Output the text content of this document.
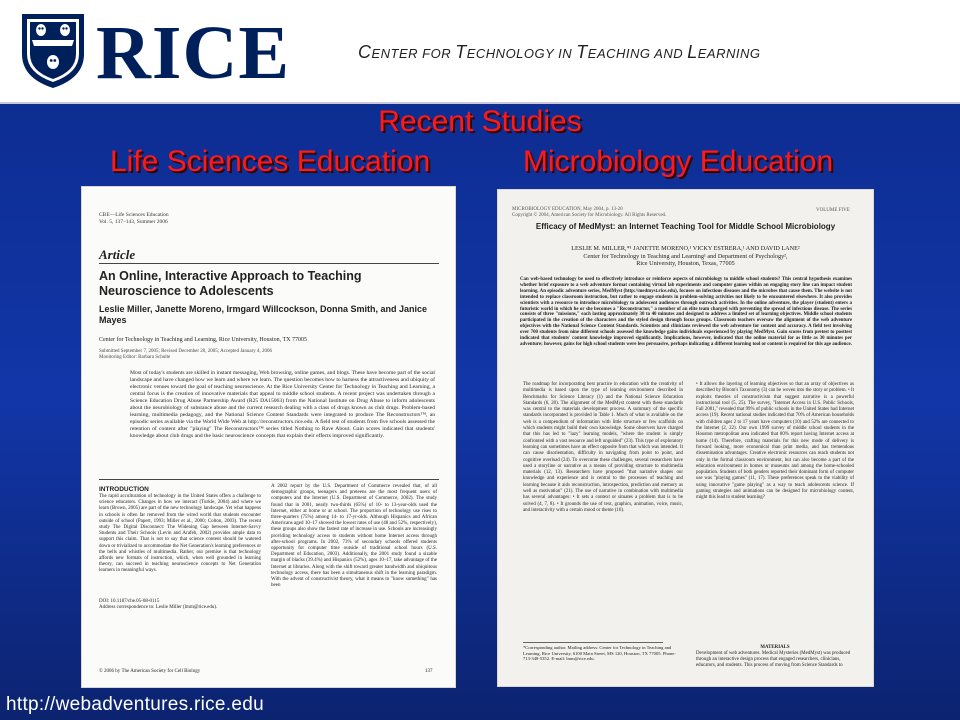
RICE	CENTER FOR TECHNOLOGY IN TEACHING AND LEARNING
Recent Studies
Life Sciences Education	Microbiology Education
CBE—Life Sciences Education
Vol. 5, 137–143, Summer 2006
Article
An Online, Interactive Approach to Teaching Neuroscience to Adolescents
Leslie Miller, Janette Moreno, Irmgard Willcockson, Donna Smith, and Janice Mayes
Center for Technology in Teaching and Learning, Rice University, Houston, TX 77005
Submitted September 7, 2005; Revised December 20, 2005; Accepted January 4, 2006
Monitoring Editor: Barbara Schulte
Most of today's students are skilled in instant messaging, Web browsing, online games, and blogs. These have become part of the social landscape and have changed how we learn and where we learn. The question becomes how to harness the attractiveness and ubiquity of electronic venues toward the goal of teaching neuroscience. At the Rice University Center for Technology in Teaching and Learning, a central focus is the creation of innovative materials that appeal to middle school students. A recent project was undertaken through a Science Education Drug Abuse Partnership Award (R25 DA15063) from the National Institute on Drug Abuse to inform adolescents about the neurobiology of substance abuse and the current research dealing with a class of drugs known as club drugs. Problem-based learning, multimedia pedagogy, and the National Science Content Standards were integrated to produce The Reconstructors™, an episodic series available via the World Wide Web at http://reconstructors.rice.edu. A field test of students from five schools assessed the retention of content after "playing" The Reconstructors™ series titled Nothing to Rave About. Gain scores indicated that students' knowledge about club drugs and the basic neuroscience concepts that explain their effects improved significantly.
INTRODUCTION
The rapid acculturation of technology in the United States offers a challenge to science educators. Changes in how we interact (Turkle, 2004) and where we learn (Brown, 2005) are part of the new technology landscape. Yet what happens in schools is often far removed from the wired world that students encounter outside of school (Papert, 1993; Miller et al., 2000; Colton, 2003). The recent study The Digital Disconnect: The Widening Gap between Internet-Savvy Students and Their Schools (Levin and Arafeh, 2002) provides ample data to support this claim. That is not to say that science content should be watered down or trivialized to accommodate the Net Generation's learning preferences or the bells and whistles of multimedia. Rather, our premise is that technology affords new formats of instruction, which, when well grounded in learning theory, can succeed in teaching neuroscience concepts to Net Generation learners in meaningful ways.
A 2002 report by the U.S. Department of Commerce revealed that, of all demographic groups, teenagers and preteens are the most frequent users of computers and the Internet (U.S. Department of Commerce, 2002). The study found that in 2001, nearly two-thirds (65%) of 10- to 13-year-olds used the Internet, either at home or at school. The proportion of technology use rises to three-quarters (75%) among 14- to 17-yr-olds. Although Hispanics and African Americans aged 10–17 showed the lowest rates of use (48 and 52%, respectively), these groups also show the fastest rate of increase in use. Schools are increasingly providing technology access to students without home Internet access through after-school programs. In 2002, 73% of secondary schools offered students opportunity for computer time outside of traditional school hours (U.S. Department of Education, 2003). Additionally, the 2001 study found a sizable margin of blacks (39.4%) and Hispanics (52%), ages 10–17, take advantage of the Internet at libraries. Along with the shift toward greater bandwidth and ubiquitous technology access, there has been a simultaneous shift in the learning paradigm. With the advent of constructivist theory, what it means to "know something" has been
DOI: 10.1187/cbe.05-08-0115
Address correspondence to: Leslie Miller (lmm@rice.edu).
© 2006 by The American Society for Cell Biology	137
MICROBIOLOGY EDUCATION, May 2004, p. 13-20
Copyright © 2004, American Society for Microbiology. All Rights Reserved.
VOLUME FIVE
Efficacy of MedMyst: an Internet Teaching Tool for Middle School Microbiology
LESLIE M. MILLER,*¹ JANETTE MORENO,¹ VICKY ESTRERA,¹ AND DAVID LANE²
Center for Technology in Teaching and Learning¹ and Department of Psychology²,
Rice University, Houston, Texas, 77005
Can web-based technology be used to effectively introduce or reinforce aspects of microbiology to middle school students? This central hypothesis examines whether brief exposure to a web adventure format containing virtual lab experiments and computer games within an engaging story line can impact student learning. An episodic adventure series, MedMyst (http://medmyst.rice.edu), focuses on infectious diseases and the microbes that cause them. The website is not intended to replace classroom instruction, but rather to engage students in problem-solving activities not likely to be encountered elsewhere. It also provides scientists with a resource to introduce microbiology to adolescent audiences through outreach activities. In the online adventure, the player (student) enters a futuristic world in which he or she becomes a "Reconstructor," a member of an elite team charged with preventing the spread of infectious disease. The series consists of three "missions," each lasting approximately 30 to 40 minutes and designed to address a limited set of learning objectives. Middle school students participated in the creation of the characters and the styled design through focus groups. Classroom teachers oversaw the alignment of the web adventure objectives with the National Science Content Standards. Scientists and clinicians reviewed the web adventure for content and accuracy. A field test involving over 700 students from nine different schools assessed the knowledge gains individuals experienced by playing MedMyst. Gain scores from pretest to posttest indicated that students' content knowledge improved significantly. Implications, however, indicated that the online material for as little as 30 minutes per adventure; however, gains for high school students were less persuasive, perhaps indicating a different learning tool or content is required for this age audience.
The roadmap for incorporating best practice in education with the creativity of multimedia is based upon the type of learning environment described in Benchmarks for Science Literacy (1) and the National Science Education Standards (6, 20). The alignment of the MedMyst content with these standards was central to the materials development process. A summary of the specific standards incorporated is provided in Table 1. Much of what is available on the web is a compendium of information with little structure or few scaffolds on which students might build their own knowledge. Some observers have charged that this has led to "lazy" learning models, "where the student is simply confronted with a vast resource and left unguided" (23). This type of exploratory learning can sometimes have an effect opposite from that which was intended. It can cause disorientation, difficulty in navigating from point to point, and cognitive overload (24). To overcome these challenges, several researchers have used a storyline or narrative as a means of providing structure to multimedia materials (12, 13). Researchers have proposed "that narrative shapes our knowledge and experience and is central to the processes of teaching and learning because it aids reconstruction, introspection, prediction and memory as well as motivation" (21). The use of narrative in combination with multimedia has several advantages: • It sets a context or situates a problem that is to be solved (4, 7, 8). • It grounds the use of text, graphics, animation, voice, music, and interactivity with a certain mood or theme (16).
• It allows the layering of learning objectives so that an array of objectives as described by Bloom's Taxonomy (3) can be woven into the story or problem. • It exploits theories of constructivism that suggest narrative is a powerful instructional tool (5, 25). The survey, "Internet Access in U.S. Public Schools, Fall 2001," revealed that 99% of public schools in the United States had Internet access (19). Recent national studies indicated that 70% of American households with children ages 2 to 17 years have computers (10) and 52% are connected to the Internet (2, 22). Our own 1999 survey of middle school students in the Houston metropolitan area indicated that 80% report having Internet access at home (14). Therefore, crafting materials for this new mode of delivery is forward looking, more economical than print media, and has tremendous dissemination advantages. Creative electronic resources can reach students not only in the formal classroom environment, but can also become a part of the education environment in homes or museums and among the home-schooled population. Students of both genders reported their dominant form of computer use was "playing games" (11, 17). These preferences speak to the viability of using innovative "game playing" as a way to teach adolescents science. If gaming strategies and animations can be designed for microbiology content, might this lead to student learning?
*Corresponding author. Mailing address: Center for Technology in Teaching and Learning, Rice University, 6100 Main Street, MS 120, Houston, TX 77005. Phone: 713-348-5352. E-mail: lmm@rice.edu.
MATERIALS
Development of web adventures. Medical Mysteries (MedMyst) was produced through an interactive design process that engaged researchers, clinicians, educators, and students. This process of moving from Science Standards to
http://webadventures.rice.edu
